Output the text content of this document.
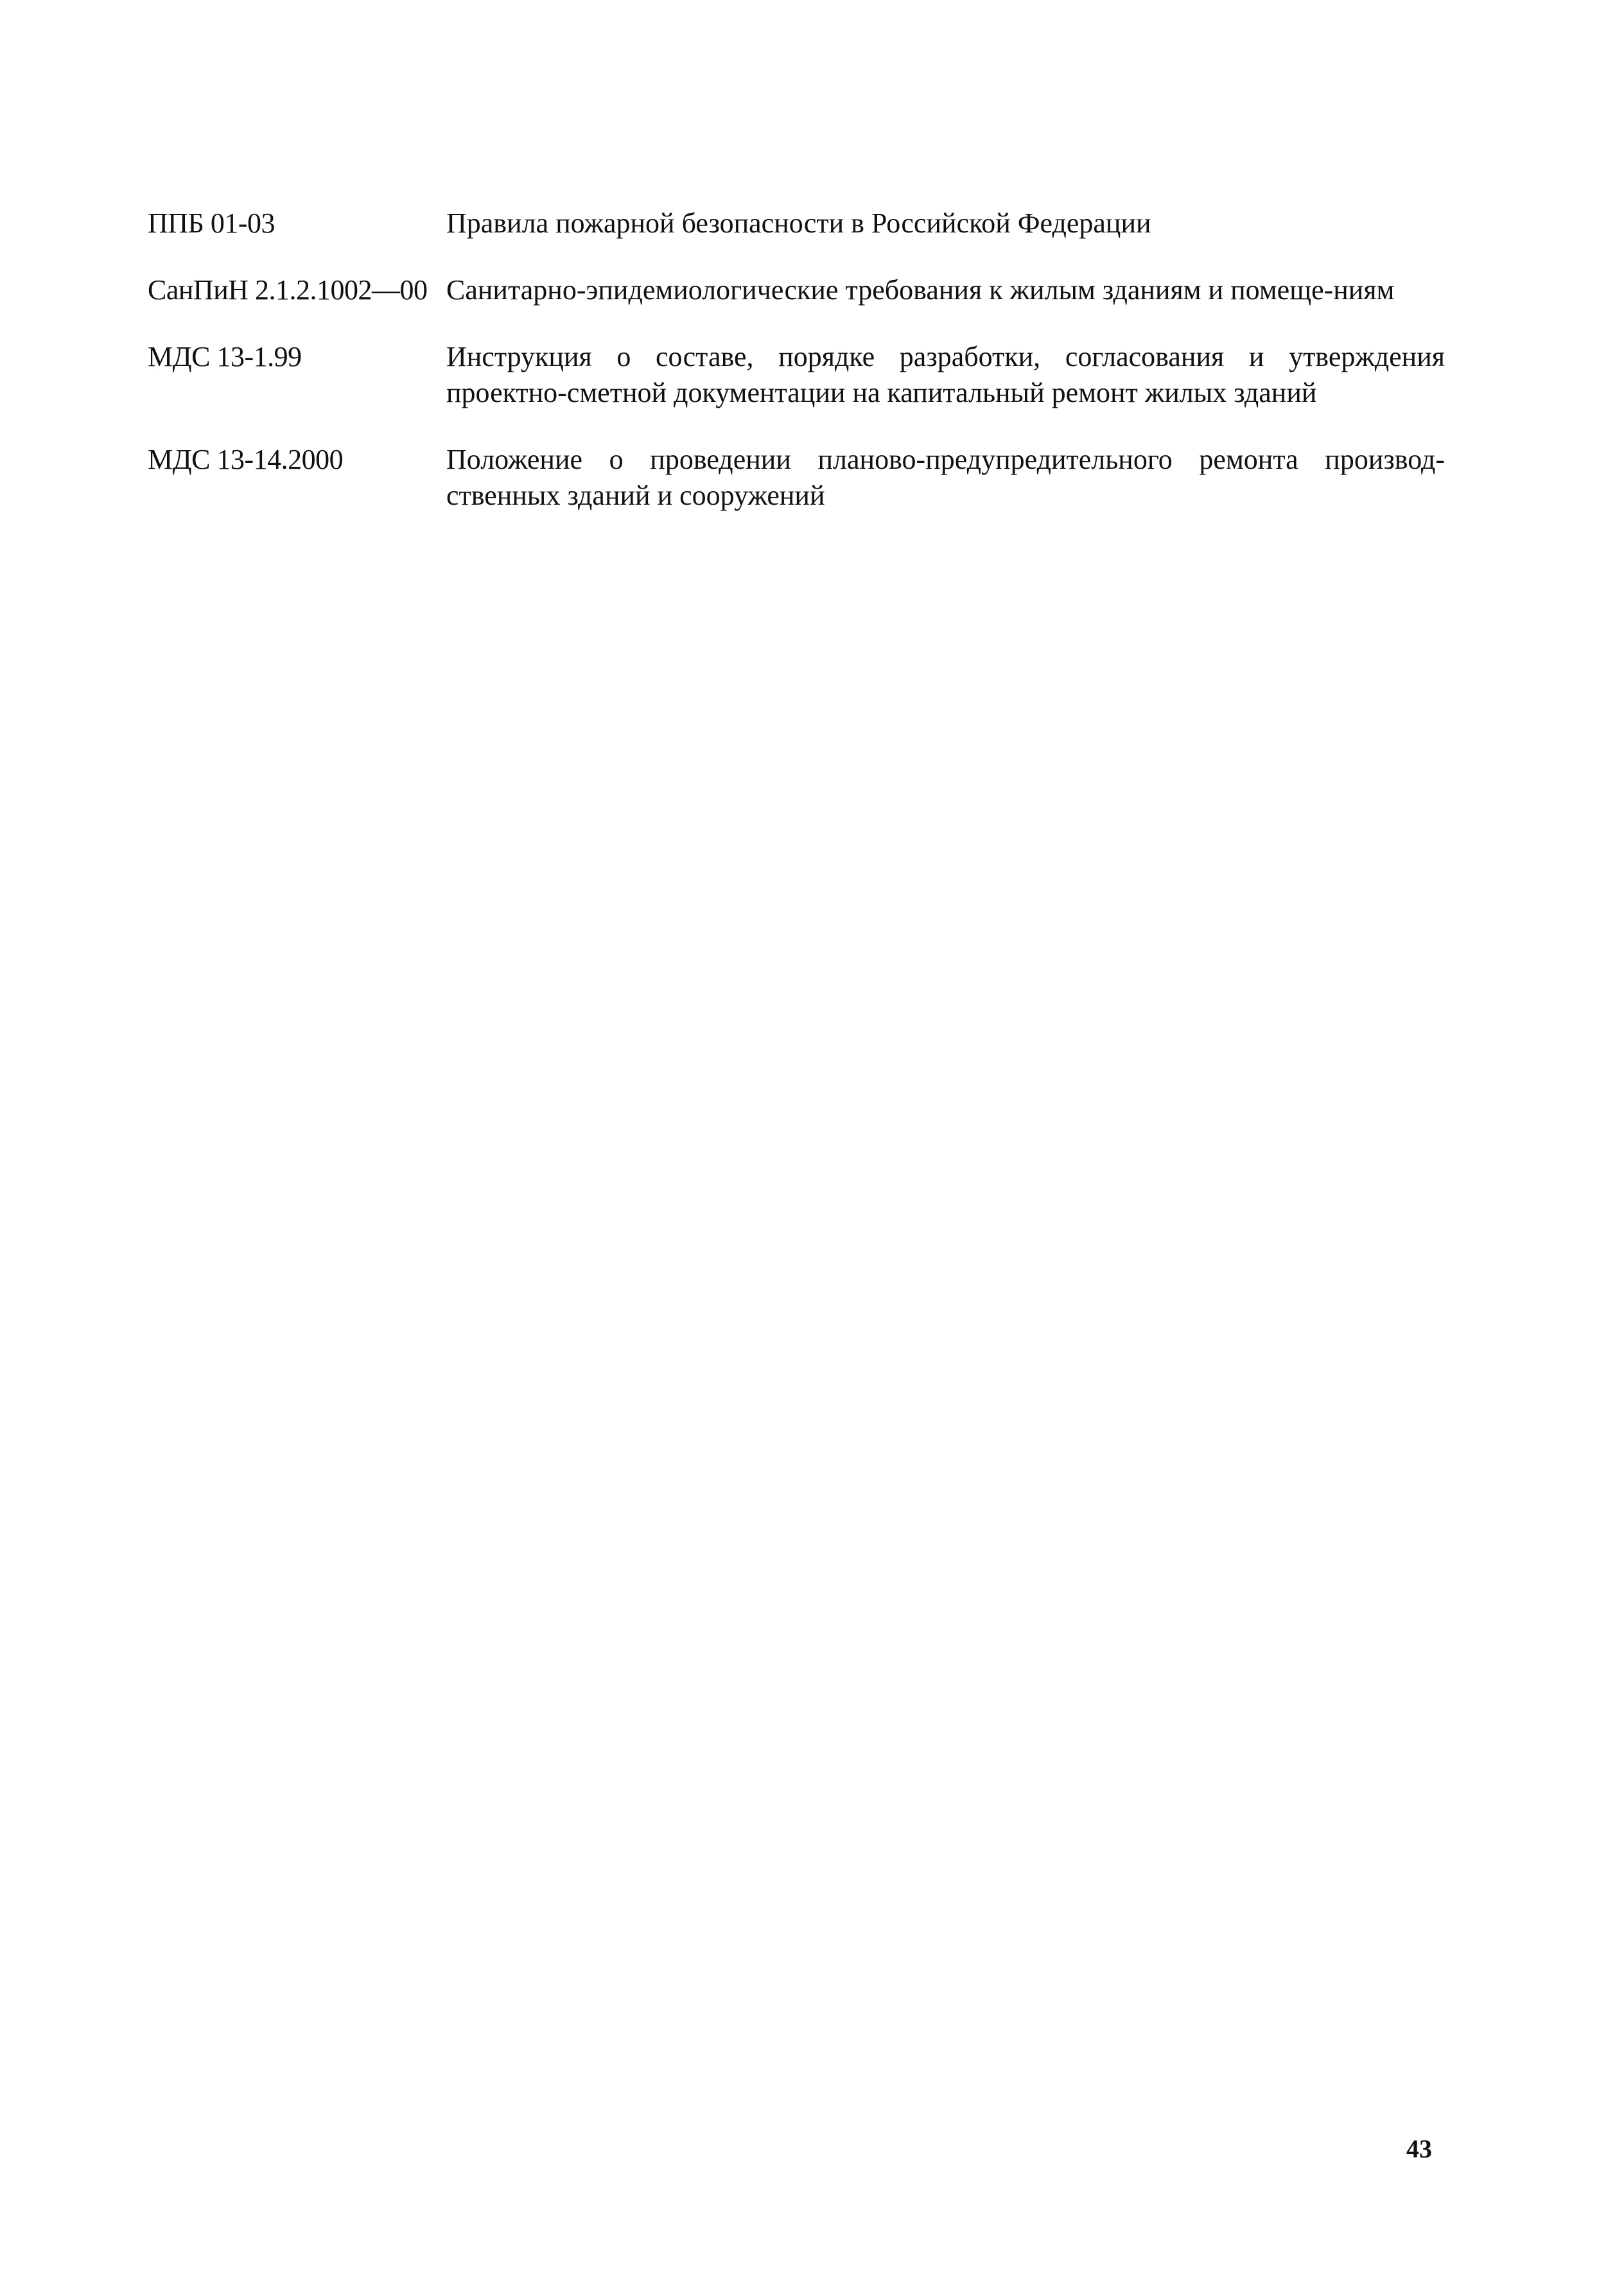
ППБ 01-03	Правила пожарной безопасности в Российской Федерации
СанПиН 2.1.2.1002—00 Санитарно-эпидемиологические требования к жилым зданиям и помеще-ниям
МДС 13-1.99	Инструкция о составе, порядке разработки, согласования и утверждения проектно-сметной документации на капитальный ремонт жилых зданий
МДС 13-14.2000	Положение о проведении планово-предупредительного ремонта производ-ственных зданий и сооружений
43
